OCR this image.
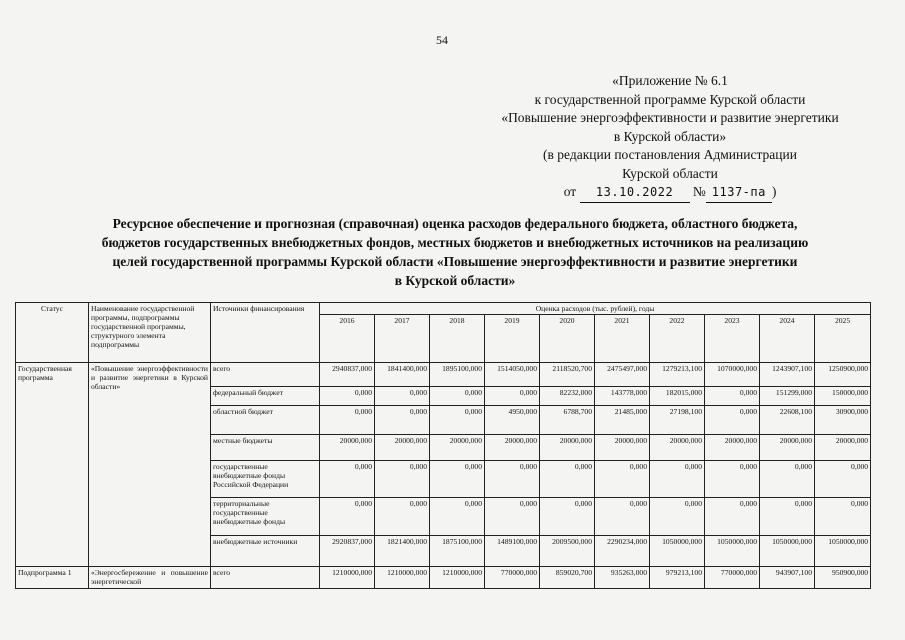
54
«Приложение № 6.1
к государственной программе Курской области
«Повышение энергоэффективности и развитие энергетики
в Курской области»
(в редакции постановления Администрации
Курской области
от 13.10.2022 № 1137-па )
Ресурсное обеспечение и прогнозная (справочная) оценка расходов федерального бюджета, областного бюджета,
бюджетов государственных внебюджетных фондов, местных бюджетов и внебюджетных источников на реализацию
целей государственной программы Курской области «Повышение энергоэффективности и развитие энергетики
в Курской области»
Статус	Наименование государственной программы, подпрограммы государственной программы, структурного элемента подпрограммы	Источники финансирования	Оценка расходов (тыс. рублей), годы									
			2016	2017	2018	2019	2020	2021	2022	2023	2024	2025
Государственная программа	«Повышение энергоэффективности и развитие энергетики в Курской области»	всего	2940837,000	1841400,000	1895100,000	1514050,000	2118520,700	2475497,000	1279213,100	1070000,000	1243907,100	1250900,000
		федеральный бюджет	0,000	0,000	0,000	0,000	82232,000	143778,000	182015,000	0,000	151299,000	150000,000
		областной бюджет	0,000	0,000	0,000	4950,000	6788,700	21485,000	27198,100	0,000	22608,100	30900,000
		местные бюджеты	20000,000	20000,000	20000,000	20000,000	20000,000	20000,000	20000,000	20000,000	20000,000	20000,000
		государственные внебюджетные фонды Российской Федерации	0,000	0,000	0,000	0,000	0,000	0,000	0,000	0,000	0,000	0,000
		территориальные государственные внебюджетные фонды	0,000	0,000	0,000	0,000	0,000	0,000	0,000	0,000	0,000	0,000
		внебюджетные источники	2920837,000	1821400,000	1875100,000	1489100,000	2009500,000	2290234,000	1050000,000	1050000,000	1050000,000	1050000,000
Подпрограмма 1	«Энергосбережение и повышение энергетической	всего	1210000,000	1210000,000	1210000,000	770000,000	859020,700	935263,000	979213,100	770000,000	943907,100	950900,000
